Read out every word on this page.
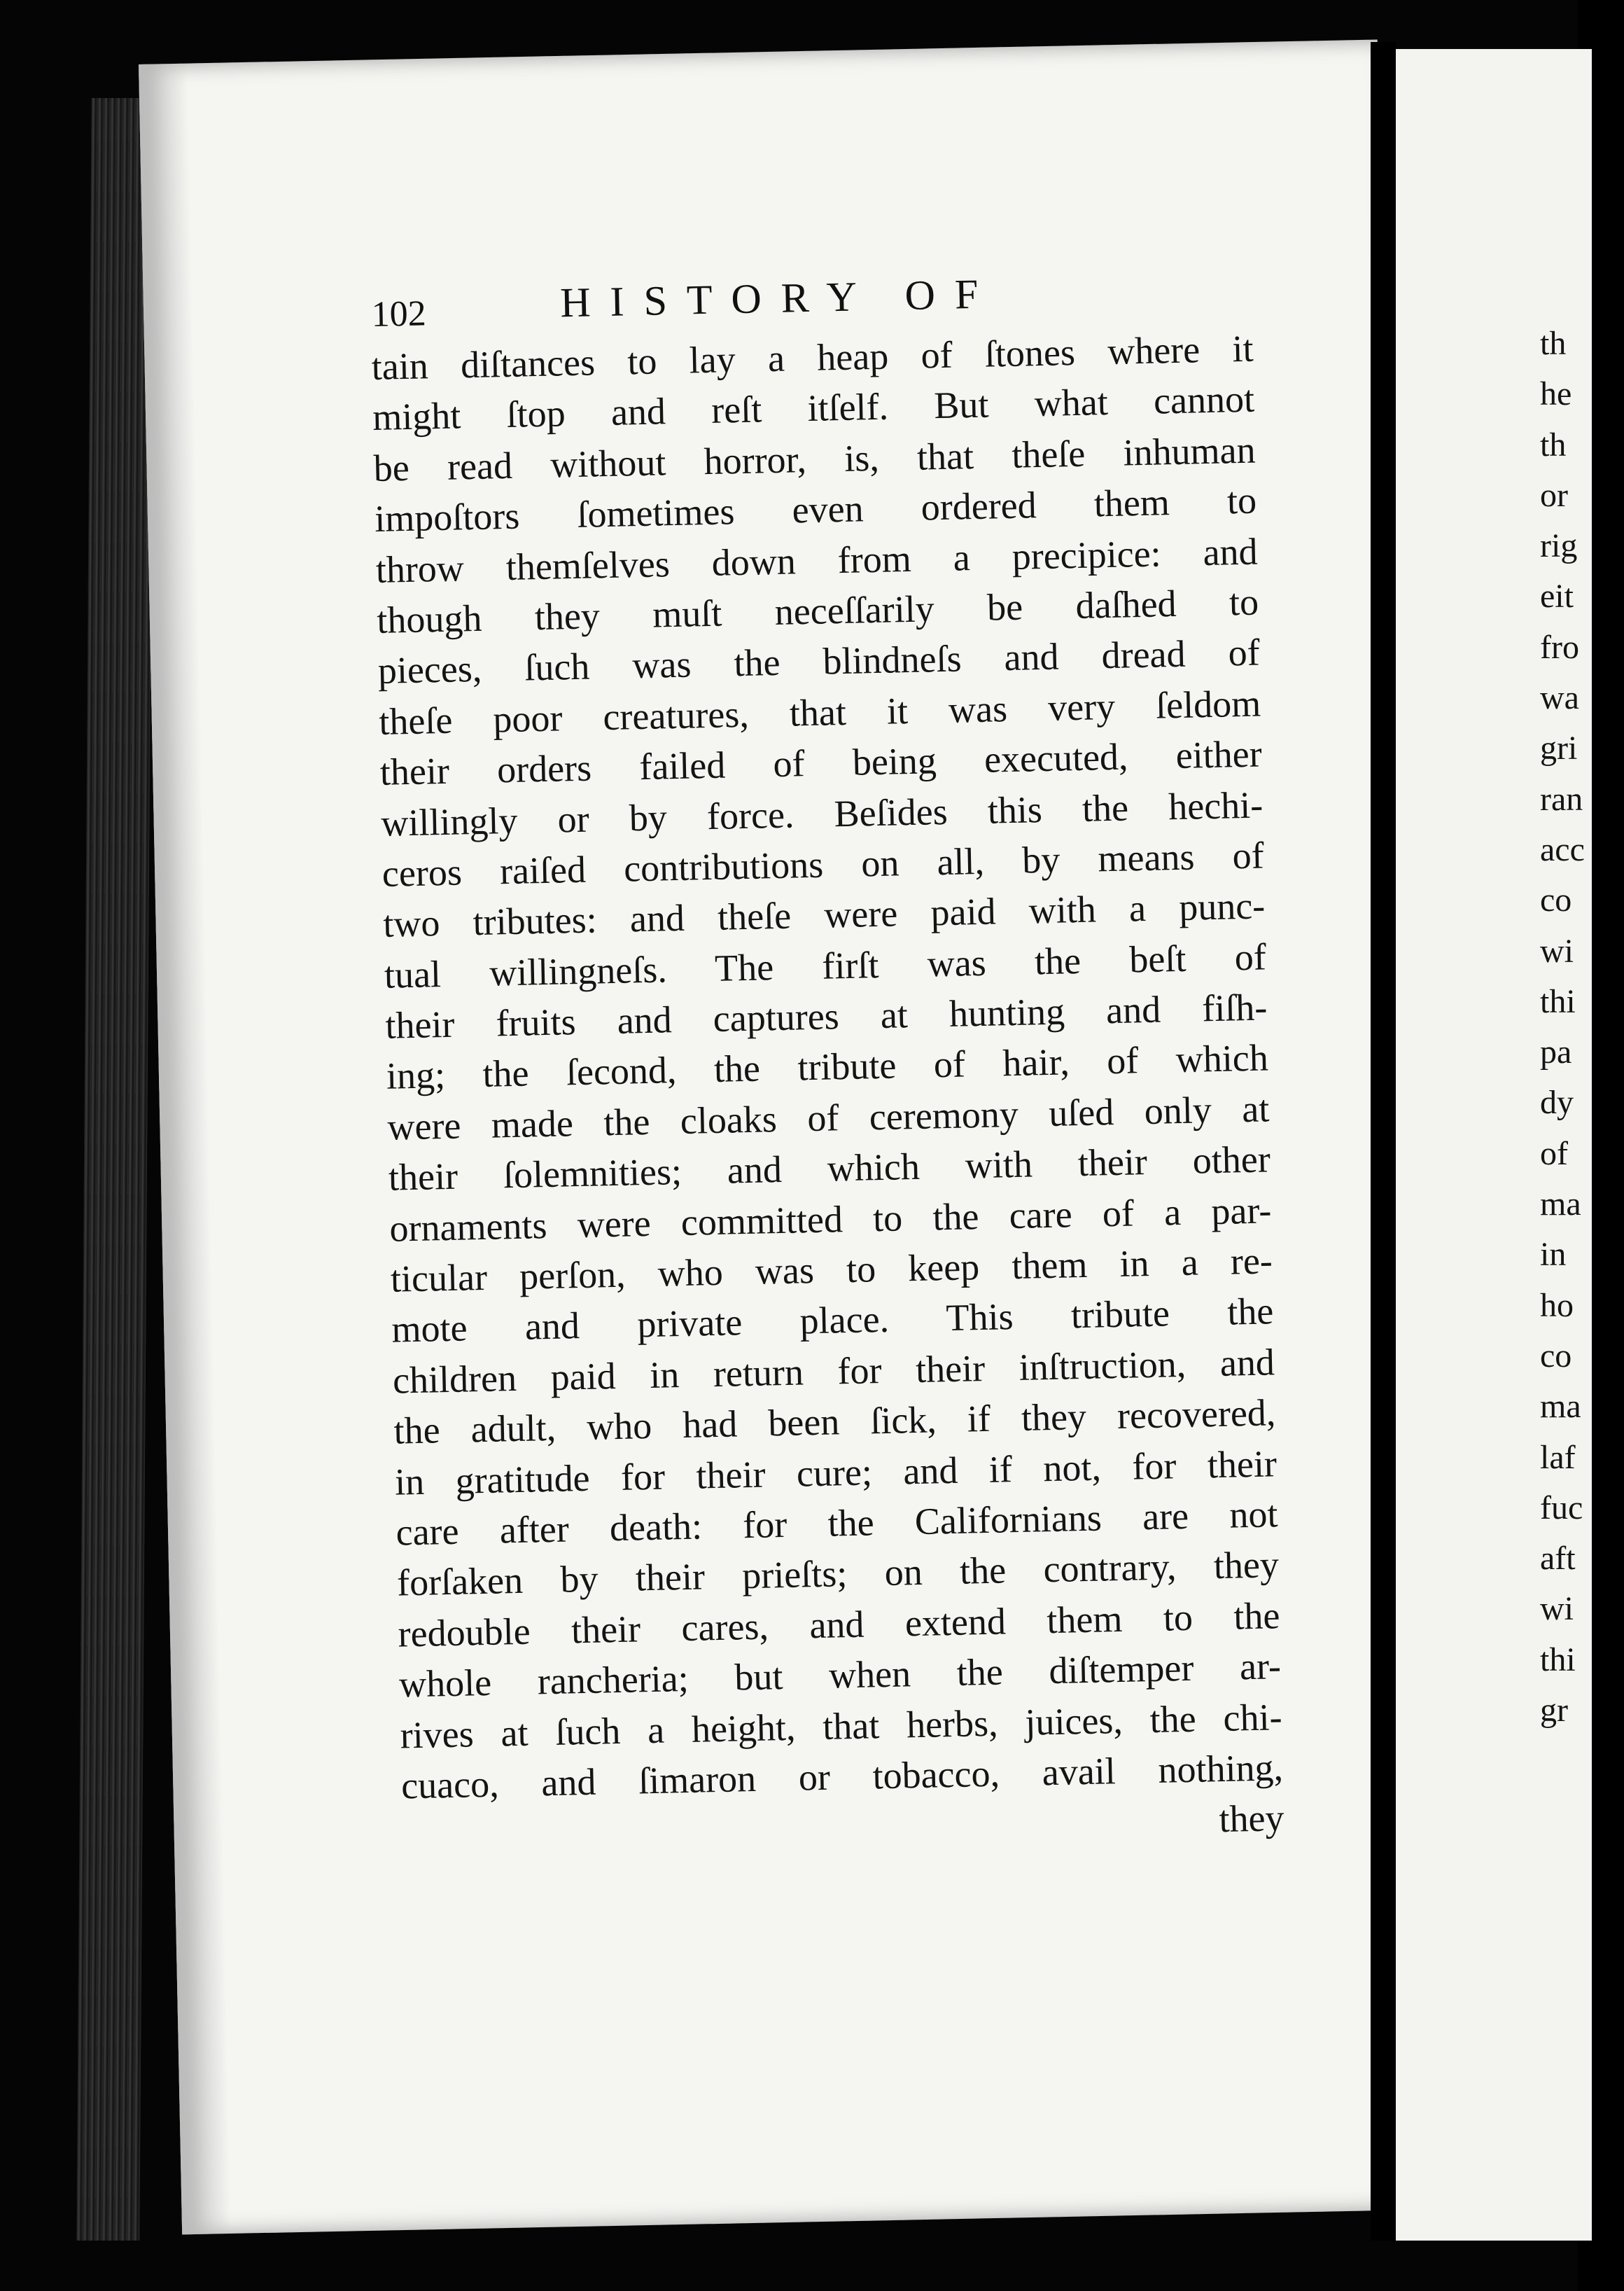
102	HISTORY OF
tain diſtances to lay a heap of ſtones where it
might ſtop and reſt itſelf. But what cannot
be read without horror, is, that theſe inhuman
impoſtors ſometimes even ordered them to
throw themſelves down from a precipice: and
though they muſt neceſſarily be daſhed to
pieces, ſuch was the blindneſs and dread of
theſe poor creatures, that it was very ſeldom
their orders failed of being executed, either
willingly or by force. Beſides this the hechi-
ceros raiſed contributions on all, by means of
two tributes: and theſe were paid with a punc-
tual willingneſs. The firſt was the beſt of
their fruits and captures at hunting and fiſh-
ing; the ſecond, the tribute of hair, of which
were made the cloaks of ceremony uſed only at
their ſolemnities; and which with their other
ornaments were committed to the care of a par-
ticular perſon, who was to keep them in a re-
mote and private place. This tribute the
children paid in return for their inſtruction, and
the adult, who had been ſick, if they recovered,
in gratitude for their cure; and if not, for their
care after death: for the Californians are not
forſaken by their prieſts; on the contrary, they
redouble their cares, and extend them to the
whole rancheria; but when the diſtemper ar-
rives at ſuch a height, that herbs, juices, the chi-
cuaco, and ſimaron or tobacco, avail nothing,
they
th
he
th
or
rig
eit
fro
wa
gri
ran
acc
co
wi
thi
pa
dy
of
ma
in
ho
co
ma
laf
fuc
aft
wi
thi
gr
